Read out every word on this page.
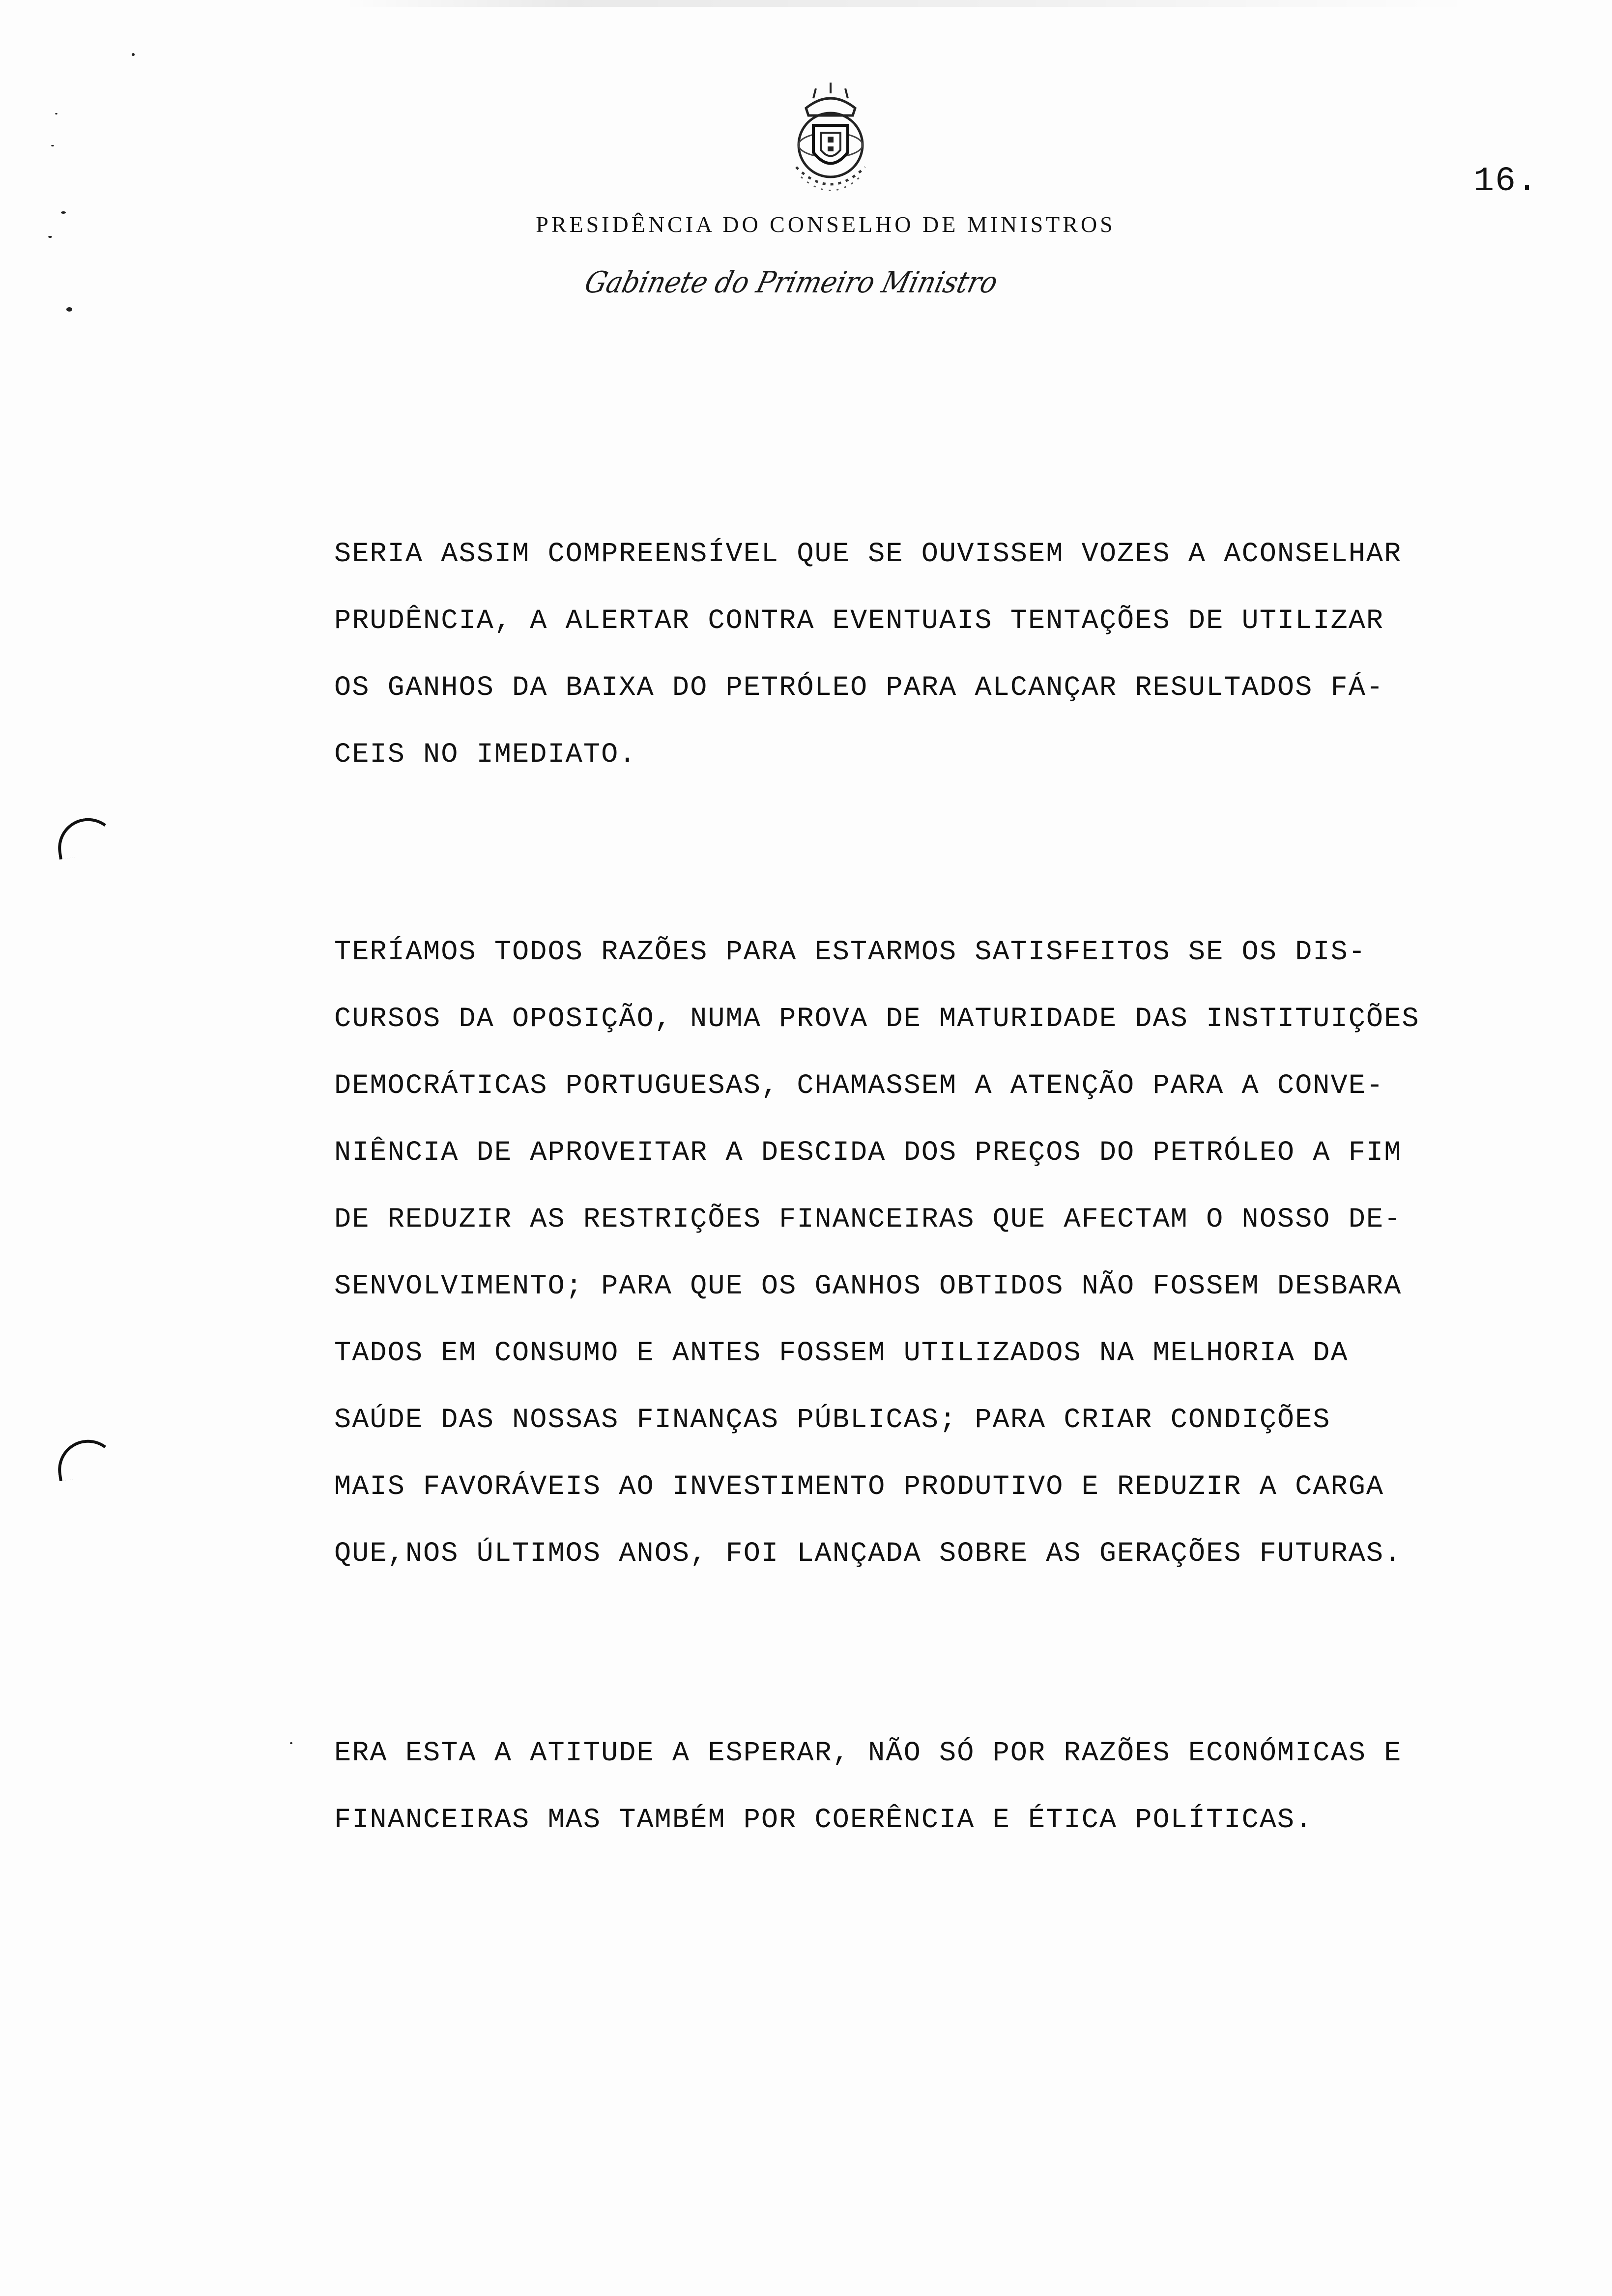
16.
PRESIDÊNCIA DO CONSELHO DE MINISTROS
Gabinete do Primeiro Ministro
SERIA ASSIM COMPREENSÍVEL QUE SE OUVISSEM VOZES A ACONSELHAR
PRUDÊNCIA, A ALERTAR CONTRA EVENTUAIS TENTAÇÕES DE UTILIZAR
OS GANHOS DA BAIXA DO PETRÓLEO PARA ALCANÇAR RESULTADOS FÁ-
CEIS NO IMEDIATO.
TERÍAMOS TODOS RAZÕES PARA ESTARMOS SATISFEITOS SE OS DIS-
CURSOS DA OPOSIÇÃO, NUMA PROVA DE MATURIDADE DAS INSTITUIÇÕES
DEMOCRÁTICAS PORTUGUESAS, CHAMASSEM A ATENÇÃO PARA A CONVE-
NIÊNCIA DE APROVEITAR A DESCIDA DOS PREÇOS DO PETRÓLEO A FIM
DE REDUZIR AS RESTRIÇÕES FINANCEIRAS QUE AFECTAM O NOSSO DE-
SENVOLVIMENTO; PARA QUE OS GANHOS OBTIDOS NÃO FOSSEM DESBARA
TADOS EM CONSUMO E ANTES FOSSEM UTILIZADOS NA MELHORIA DA
SAÚDE DAS NOSSAS FINANÇAS PÚBLICAS; PARA CRIAR CONDIÇÕES
MAIS FAVORÁVEIS AO INVESTIMENTO PRODUTIVO E REDUZIR A CARGA
QUE,NOS ÚLTIMOS ANOS, FOI LANÇADA SOBRE AS GERAÇÕES FUTURAS.
ERA ESTA A ATITUDE A ESPERAR, NÃO SÓ POR RAZÕES ECONÓMICAS E
FINANCEIRAS MAS TAMBÉM POR COERÊNCIA E ÉTICA POLÍTICAS.
